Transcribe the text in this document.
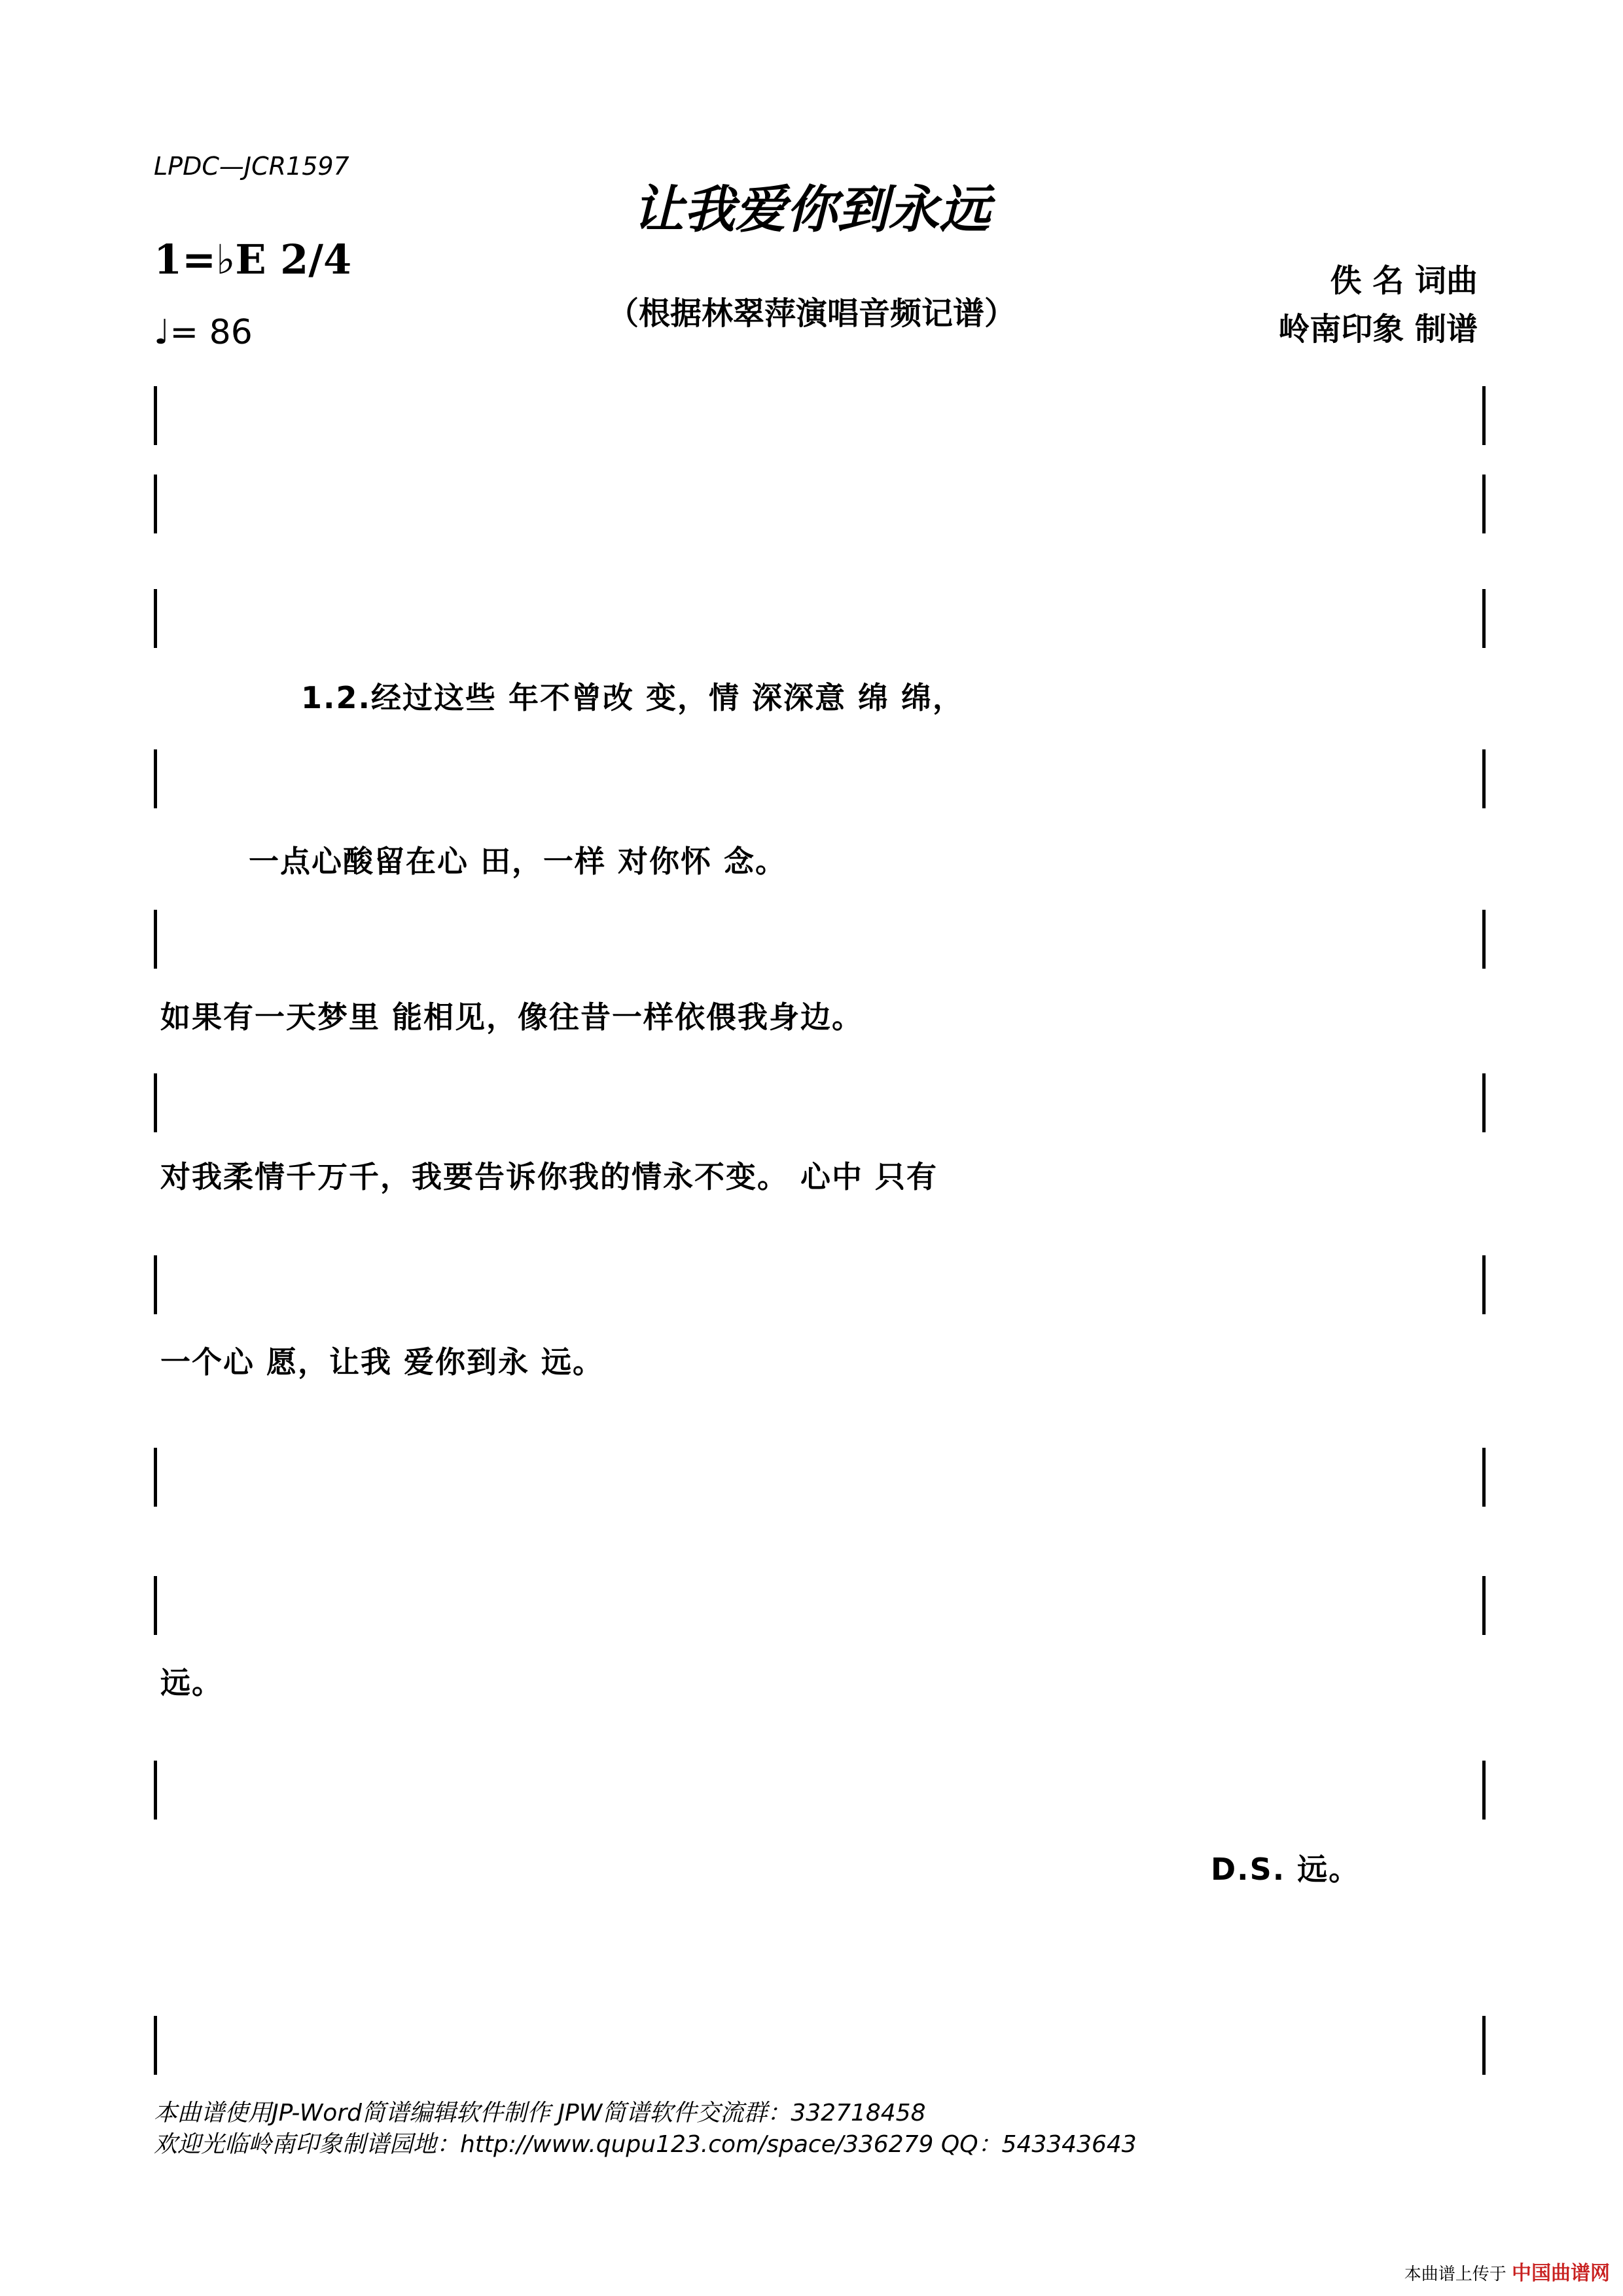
LPDC—JCR1597
让我爱你到永远
1=♭E 2/4
♩= 86	（根据林翠萍演唱音频记谱）
佚 名 词曲
岭南印象 制谱
1.2.经过这些 年不曾改 变，情 深深意 绵 绵，
一点心酸留在心 田，一样 对你怀 念。
如果有一天梦里 能相见，像往昔一样依偎我身边。
对我柔情千万千，我要告诉你我的情永不变。 心中 只有
一个心 愿，让我 爱你到永 远。
远。
D.S. 远。
本曲谱使用JP-Word简谱编辑软件制作 JPW简谱软件交流群：332718458
欢迎光临岭南印象制谱园地：http://www.qupu123.com/space/336279 QQ：543343643
本曲谱上传于 中国曲谱网
